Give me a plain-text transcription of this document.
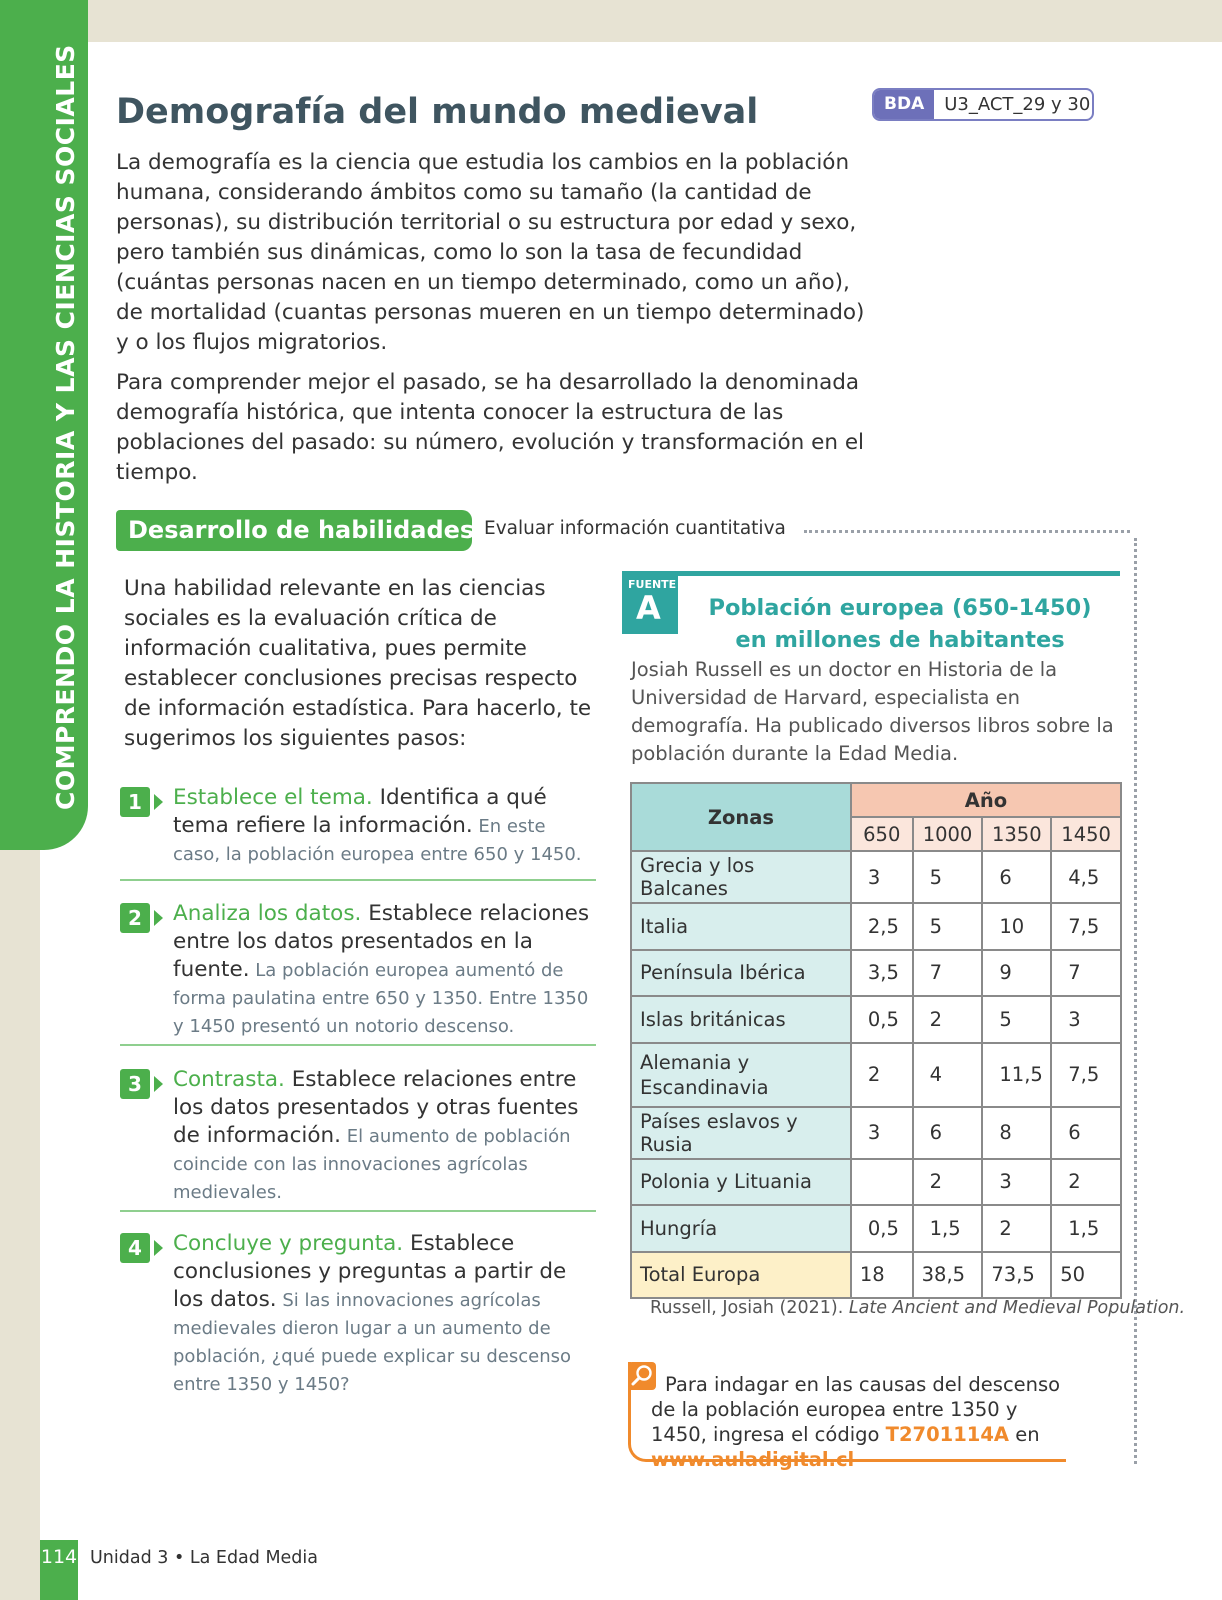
COMPRENDO LA HISTORIA Y LAS CIENCIAS SOCIALES Demografía del mundo medieval	BDA	U3_ACT_29 y 30

La demografía es la ciencia que estudia los cambios en la población humana, considerando ámbitos como su tamaño (la cantidad de personas), su distribución territorial o su estructura por edad y sexo, pero también sus dinámicas, como lo son la tasa de fecundidad (cuántas personas nacen en un tiempo determinado, como un año), de mortalidad (cuantas personas mueren en un tiempo determinado) y o los flujos migratorios.

Para comprender mejor el pasado, se ha desarrollado la denominada demografía histórica, que intenta conocer la estructura de las poblaciones del pasado: su número, evolución y transformación en el tiempo.

Desarrollo de habilidades Evaluar información cuantitativa

Una habilidad relevante en las ciencias sociales es la evaluación crítica de información cualitativa, pues permite establecer conclusiones precisas respecto de información estadística. Para hacerlo, te sugerimos los siguientes pasos:

1	Establece el tema. Identifica a qué tema refiere la información. En este caso, la población europea entre 650 y 1450.

2	Analiza los datos. Establece relaciones entre los datos presentados en la fuente. La población europea aumentó de forma paulatina entre 650 y 1350. Entre 1350 y 1450 presentó un notorio descenso.

3	Contrasta. Establece relaciones entre los datos presentados y otras fuentes de información. El aumento de población coincide con las innovaciones agrícolas medievales.

4	Concluye y pregunta. Establece conclusiones y preguntas a partir de los datos. Si las innovaciones agrícolas medievales dieron lugar a un aumento de población, ¿qué puede explicar su descenso entre 1350 y 1450?

FUENTE
A	Población europea (650-1450)
en millones de habitantes

Josiah Russell es un doctor en Historia de la Universidad de Harvard, especialista en demografía. Ha publicado diversos libros sobre la población durante la Edad Media.

Zonas	Año			
	650	1000	1350	1450
Grecia y los Balcanes	3	5	6	4,5
Italia	2,5	5	10	7,5
Península Ibérica	3,5	7	9	7
Islas británicas	0,5	2	5	3
Alemania y Escandinavia	2	4	11,5	7,5
Países eslavos y Rusia	3	6	8	6
Polonia y Lituania		2	3	2
Hungría	0,5	1,5	2	1,5
Total Europa	18	38,5	73,5	50

Russell, Josiah (2021). Late Ancient and Medieval Population.

Para indagar en las causas del descenso de la población europea entre 1350 y 1450, ingresa el código T2701114A en www.auladigital.cl

114 Unidad 3 • La Edad Media
